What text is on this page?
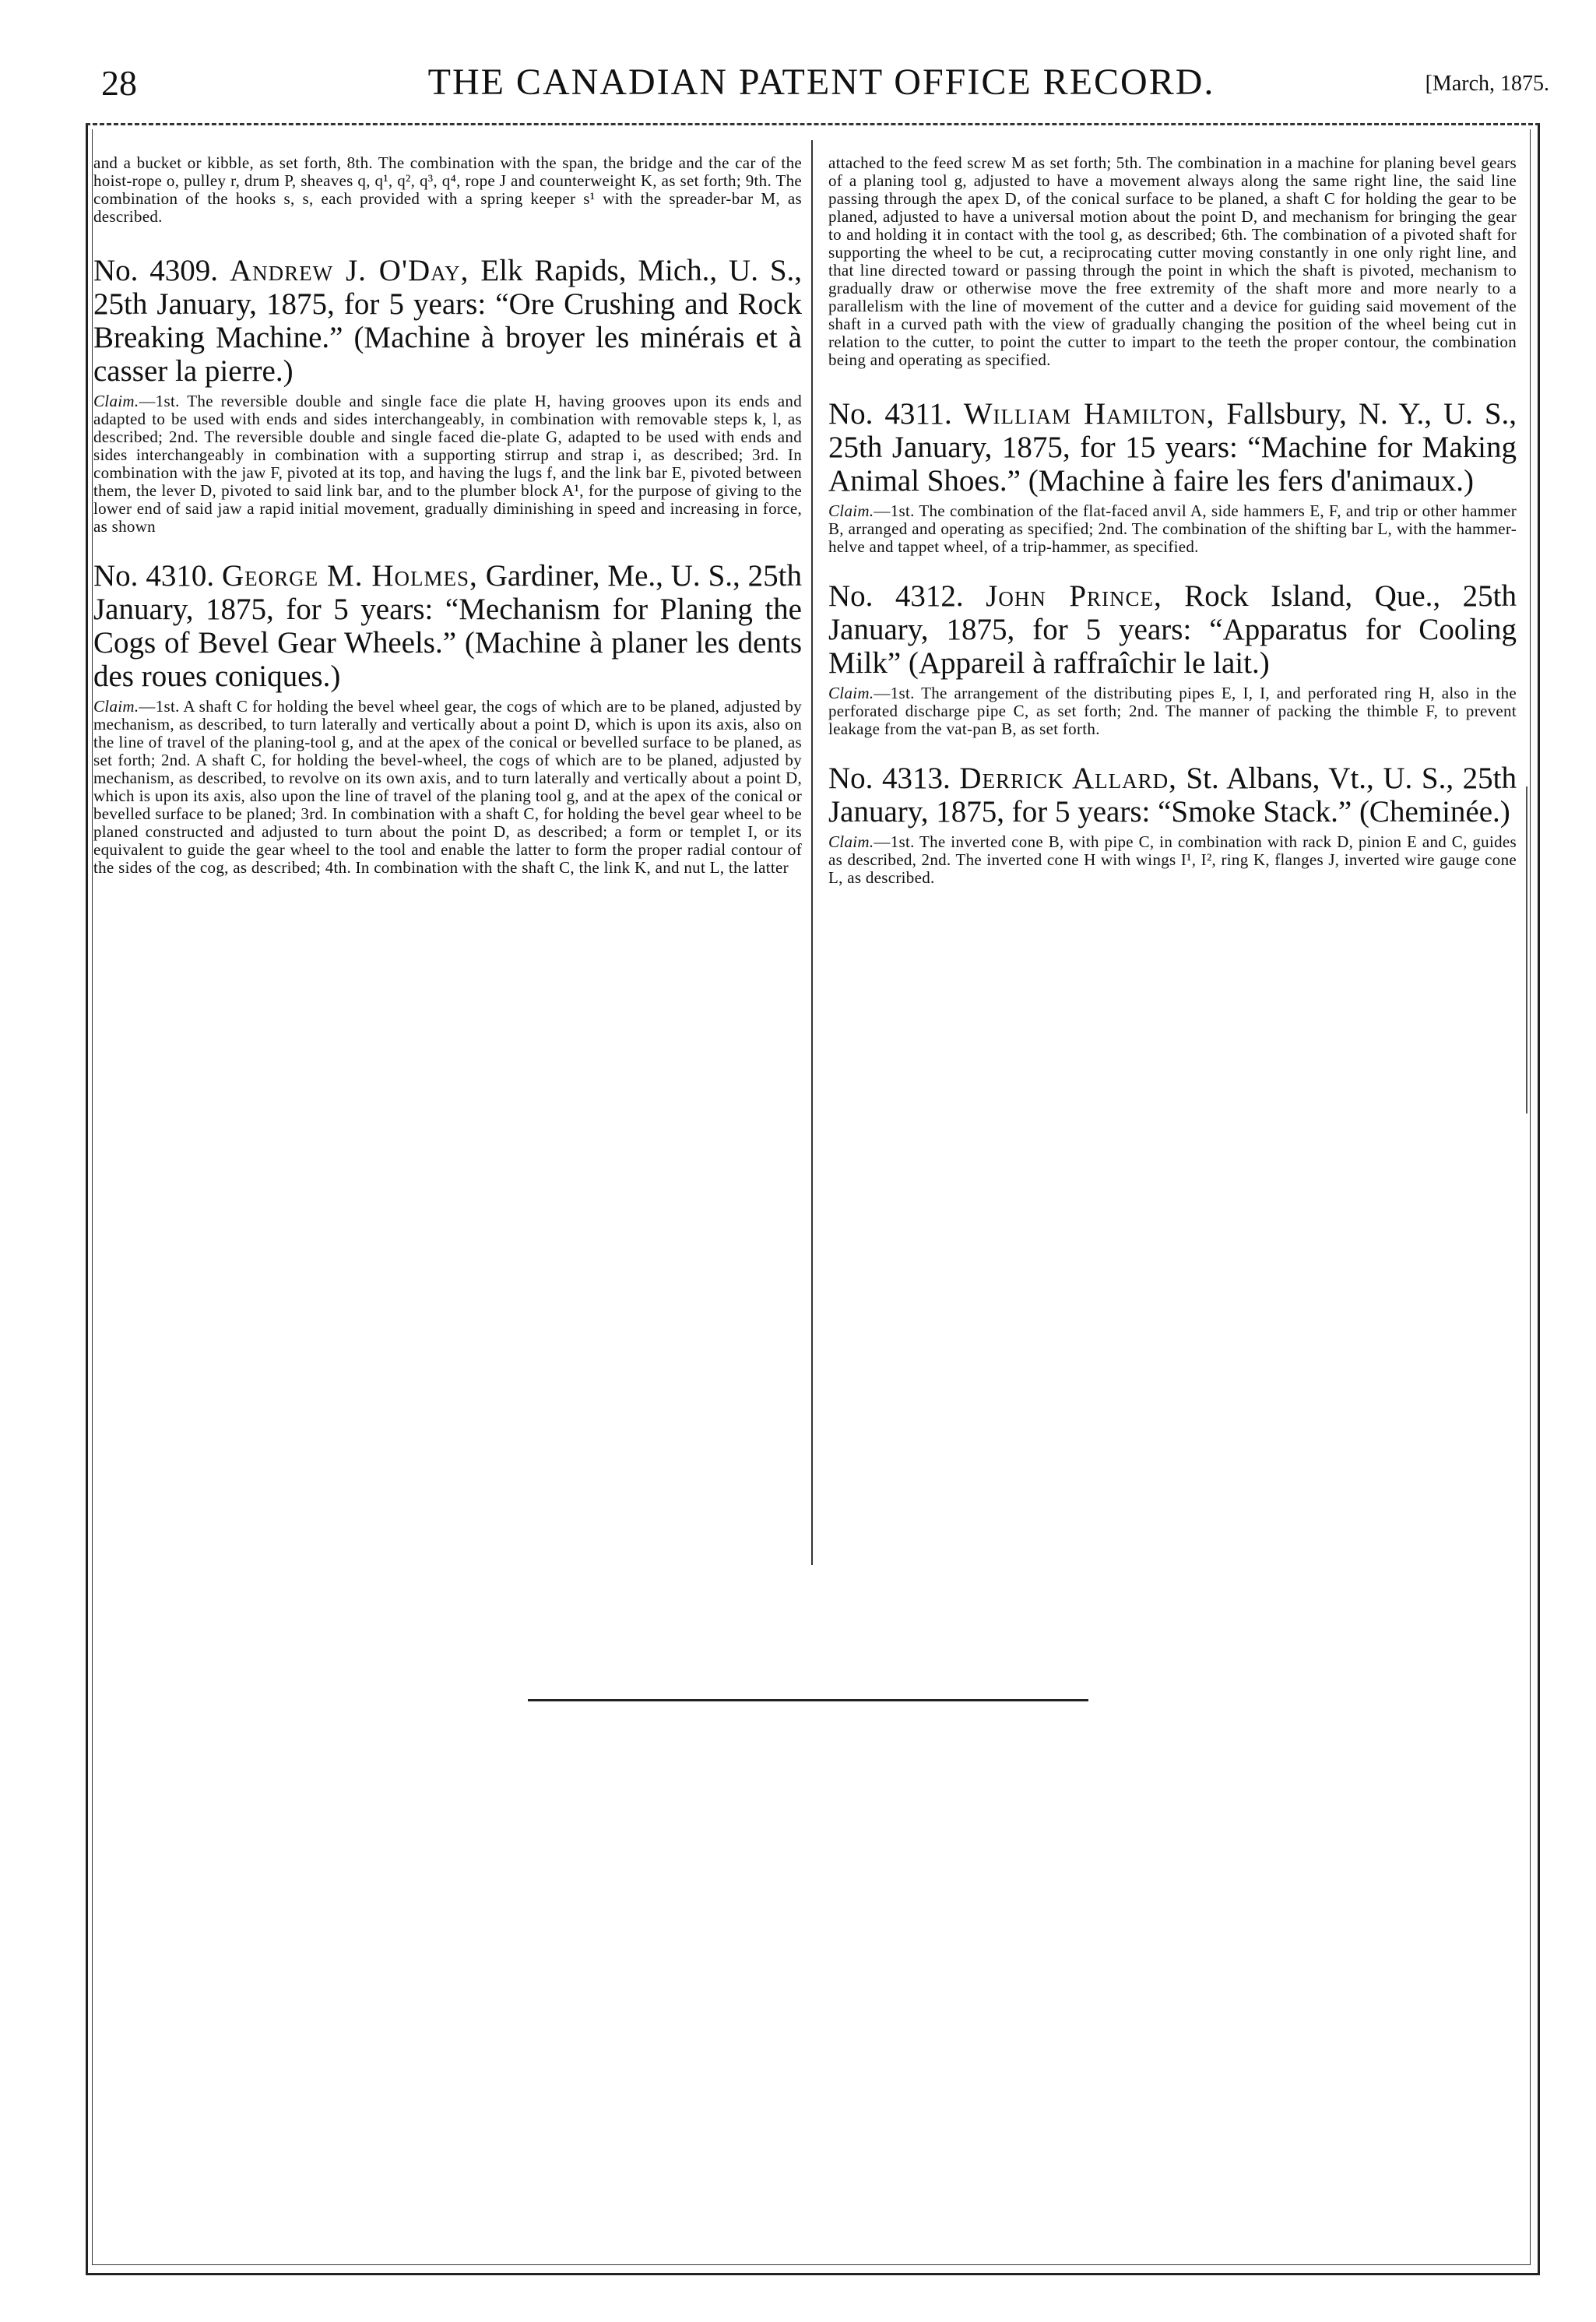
28	THE CANADIAN PATENT OFFICE RECORD.	[March, 1875.

and a bucket or kibble, as set forth, 8th. The combination with the span, the bridge and the car of the hoist-rope o, pulley r, drum P, sheaves q, q¹, q², q³, q⁴, rope J and counterweight K, as set forth; 9th. The combination of the hooks s, s, each provided with a spring keeper s¹ with the spreader-bar M, as described.

No. 4309. Andrew J. O'Day, Elk Rapids, Mich., U. S., 25th January, 1875, for 5 years: “Ore Crushing and Rock Breaking Machine.” (Machine à broyer les minérais et à casser la pierre.)

Claim.—1st. The reversible double and single face die plate H, having grooves upon its ends and adapted to be used with ends and sides interchangeably, in combination with removable steps k, l, as described; 2nd. The reversible double and single faced die-plate G, adapted to be used with ends and sides interchangeably in combination with a supporting stirrup and strap i, as described; 3rd. In combination with the jaw F, pivoted at its top, and having the lugs f, and the link bar E, pivoted between them, the lever D, pivoted to said link bar, and to the plumber block A¹, for the purpose of giving to the lower end of said jaw a rapid initial movement, gradually diminishing in speed and increasing in force, as shown

No. 4310. George M. Holmes, Gardiner, Me., U. S., 25th January, 1875, for 5 years: “Mechanism for Planing the Cogs of Bevel Gear Wheels.” (Machine à planer les dents des roues coniques.)

Claim.—1st. A shaft C for holding the bevel wheel gear, the cogs of which are to be planed, adjusted by mechanism, as described, to turn laterally and vertically about a point D, which is upon its axis, also on the line of travel of the planing-tool g, and at the apex of the conical or bevelled surface to be planed, as set forth; 2nd. A shaft C, for holding the bevel-wheel, the cogs of which are to be planed, adjusted by mechanism, as described, to revolve on its own axis, and to turn laterally and vertically about a point D, which is upon its axis, also upon the line of travel of the planing tool g, and at the apex of the conical or bevelled surface to be planed; 3rd. In combination with a shaft C, for holding the bevel gear wheel to be planed constructed and adjusted to turn about the point D, as described; a form or templet I, or its equivalent to guide the gear wheel to the tool and enable the latter to form the proper radial contour of the sides of the cog, as described; 4th. In combination with the shaft C, the link K, and nut L, the latter

attached to the feed screw M as set forth; 5th. The combination in a machine for planing bevel gears of a planing tool g, adjusted to have a movement always along the same right line, the said line passing through the apex D, of the conical surface to be planed, a shaft C for holding the gear to be planed, adjusted to have a universal motion about the point D, and mechanism for bringing the gear to and holding it in contact with the tool g, as described; 6th. The combination of a pivoted shaft for supporting the wheel to be cut, a reciprocating cutter moving constantly in one only right line, and that line directed toward or passing through the point in which the shaft is pivoted, mechanism to gradually draw or otherwise move the free extremity of the shaft more and more nearly to a parallelism with the line of movement of the cutter and a device for guiding said movement of the shaft in a curved path with the view of gradually changing the position of the wheel being cut in relation to the cutter, to point the cutter to impart to the teeth the proper contour, the combination being and operating as specified.

No. 4311. William Hamilton, Fallsbury, N. Y., U. S., 25th January, 1875, for 15 years: “Machine for Making Animal Shoes.” (Machine à faire les fers d'animaux.)

Claim.—1st. The combination of the flat-faced anvil A, side hammers E, F, and trip or other hammer B, arranged and operating as specified; 2nd. The combination of the shifting bar L, with the hammer-helve and tappet wheel, of a trip-hammer, as specified.

No. 4312. John Prince, Rock Island, Que., 25th January, 1875, for 5 years: “Apparatus for Cooling Milk” (Appareil à raffraîchir le lait.)

Claim.—1st. The arrangement of the distributing pipes E, I, I, and perforated ring H, also in the perforated discharge pipe C, as set forth; 2nd. The manner of packing the thimble F, to prevent leakage from the vat-pan B, as set forth.

No. 4313. Derrick Allard, St. Albans, Vt., U. S., 25th January, 1875, for 5 years: “Smoke Stack.” (Cheminée.)

Claim.—1st. The inverted cone B, with pipe C, in combination with rack D, pinion E and C, guides as described, 2nd. The inverted cone H with wings I¹, I², ring K, flanges J, inverted wire gauge cone L, as described.
